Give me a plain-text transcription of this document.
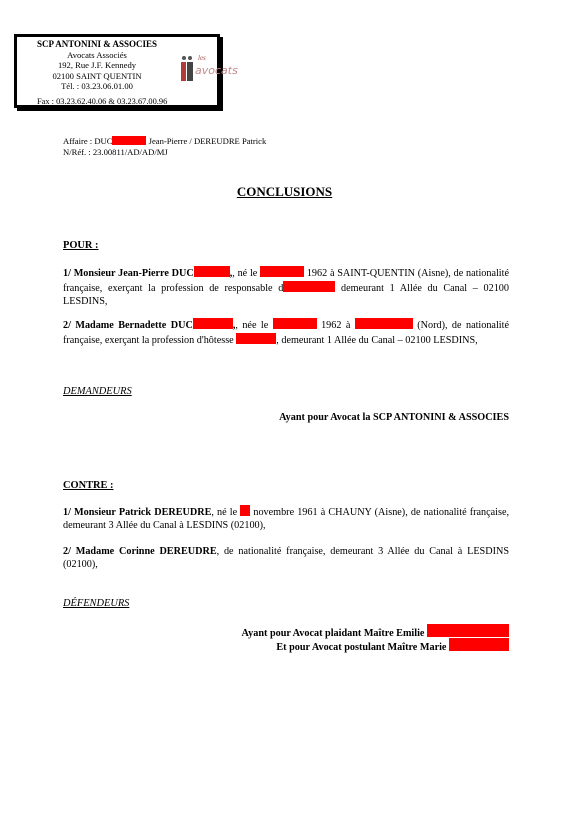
SCP ANTONINI & ASSOCIES
Avocats Associés
192, Rue J.F. Kennedy
02100 SAINT QUENTIN
Tél. : 03.23.06.01.00
Fax : 03.23.62.40.06 & 03.23.67.00.96
les
avocats
Affaire : DUC	Jean-Pierre / DEREUDRE Patrick
N/Réf. : 23.00811/AD/AD/MJ
CONCLUSIONS
POUR :
1/ Monsieur Jean-Pierre DUC	,, né le	1962 à SAINT-QUENTIN (Aisne), de nationalité française, exerçant la profession de responsable d	demeurant 1 Allée du Canal – 02100 LESDINS,
2/ Madame Bernadette DUC	,, née le	1962 à	(Nord), de nationalité française, exerçant la profession d'hôtesse	, demeurant 1 Allée du Canal – 02100 LESDINS,
DEMANDEURS
Ayant pour Avocat la SCP ANTONINI & ASSOCIES
CONTRE :
1/ Monsieur Patrick DEREUDRE, né le  novembre 1961 à CHAUNY (Aisne), de nationalité française, demeurant 3 Allée du Canal à LESDINS (02100),
2/ Madame Corinne DEREUDRE, de nationalité française, demeurant 3 Allée du Canal à LESDINS (02100),
DÉFENDEURS
Ayant pour Avocat plaidant Maître Emilie
Et pour Avocat postulant Maître Marie
